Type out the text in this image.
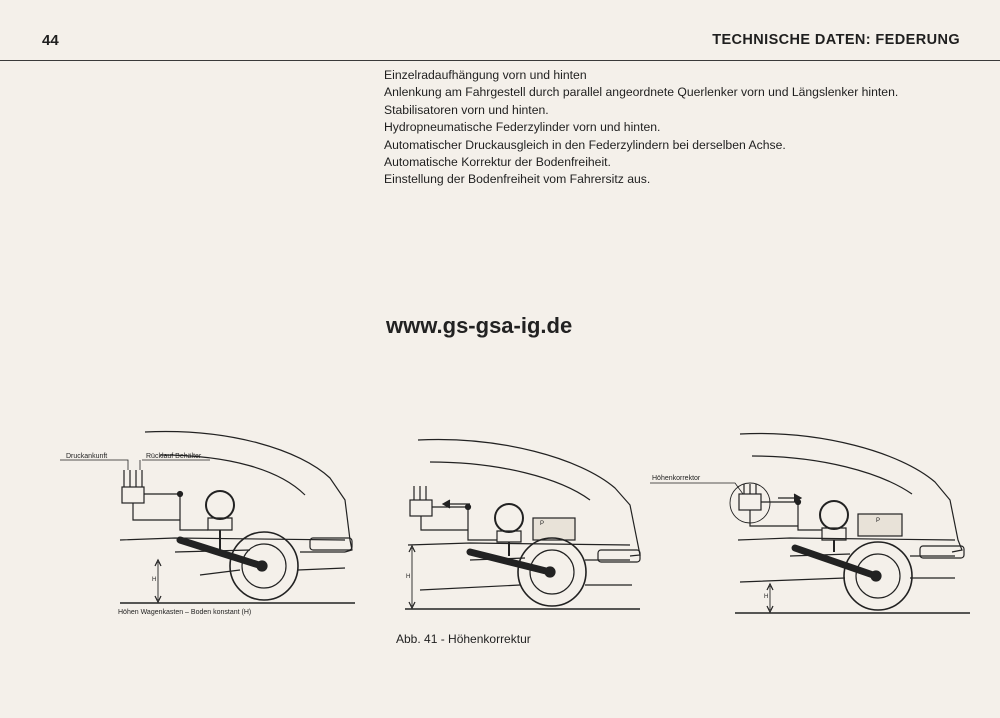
44	TECHNISCHE DATEN: FEDERUNG
Einzelradaufhängung vorn und hinten
Anlenkung am Fahrgestell durch parallel angeordnete Querlenker vorn und Längslenker hinten.
Stabilisatoren vorn und hinten.
Hydropneumatische Federzylinder vorn und hinten.
Automatischer Druckausgleich in den Federzylindern bei derselben Achse.
Automatische Korrektur der Bodenfreiheit.
Einstellung der Bodenfreiheit vom Fahrersitz aus.
www.gs-gsa-ig.de
Druckankunft	Rücklauf Behälter
Höhenkorrektor
Höhen Wagenkasten – Boden konstant (H)
H	H
H
P	P
Abb. 41 - Höhenkorrektur
